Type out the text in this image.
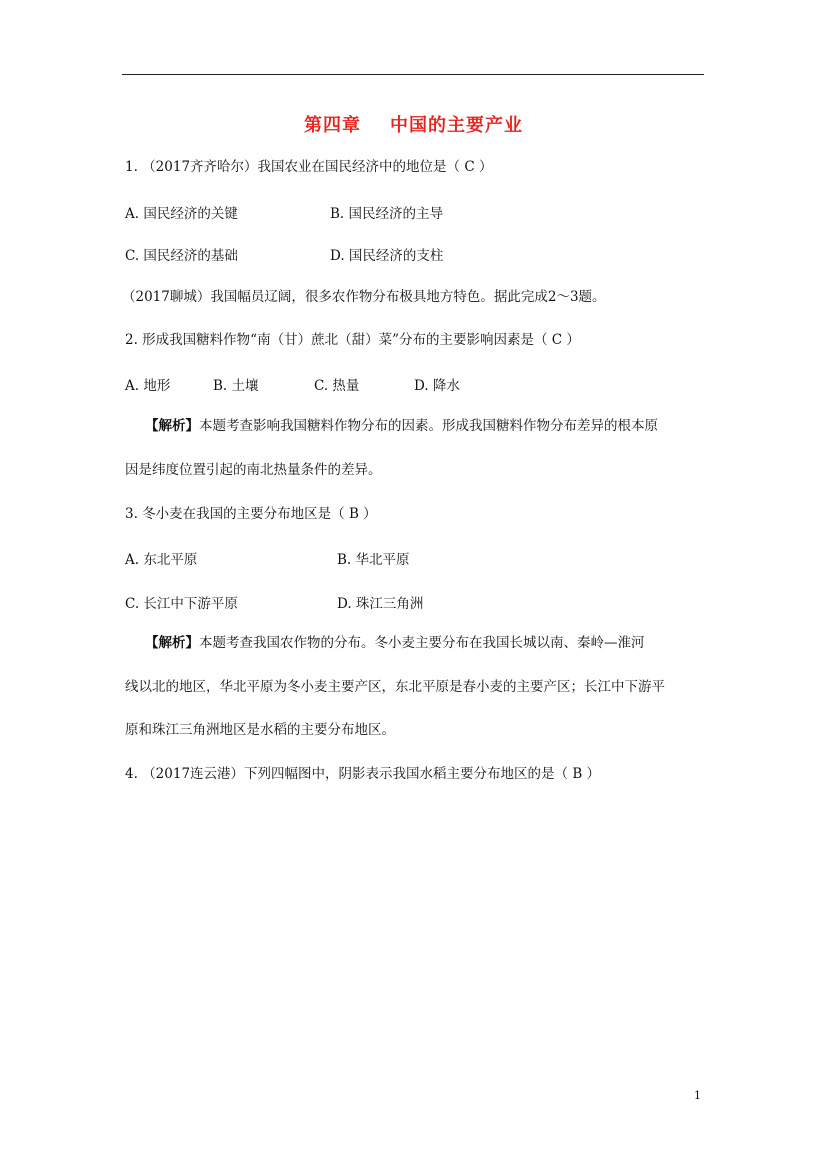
第四章    中国的主要产业
1. （2017齐齐哈尔）我国农业在国民经济中的地位是（ C ）
A. 国民经济的关键	B. 国民经济的主导
C. 国民经济的基础	D. 国民经济的支柱
（2017聊城）我国幅员辽阔，很多农作物分布极具地方特色。据此完成2～3题。
2. 形成我国糖料作物“南（甘）蔗北（甜）菜”分布的主要影响因素是（ C ）
A. 地形	B. 土壤	C. 热量	D. 降水
【解析】本题考查影响我国糖料作物分布的因素。形成我国糖料作物分布差异的根本原
因是纬度位置引起的南北热量条件的差异。
3. 冬小麦在我国的主要分布地区是（ B ）
A. 东北平原	B. 华北平原
C. 长江中下游平原	D. 珠江三角洲
【解析】本题考查我国农作物的分布。冬小麦主要分布在我国长城以南、秦岭—淮河
线以北的地区，华北平原为冬小麦主要产区，东北平原是春小麦的主要产区；长江中下游平
原和珠江三角洲地区是水稻的主要分布地区。
4. （2017连云港）下列四幅图中，阴影表示我国水稻主要分布地区的是（ B ）
1
